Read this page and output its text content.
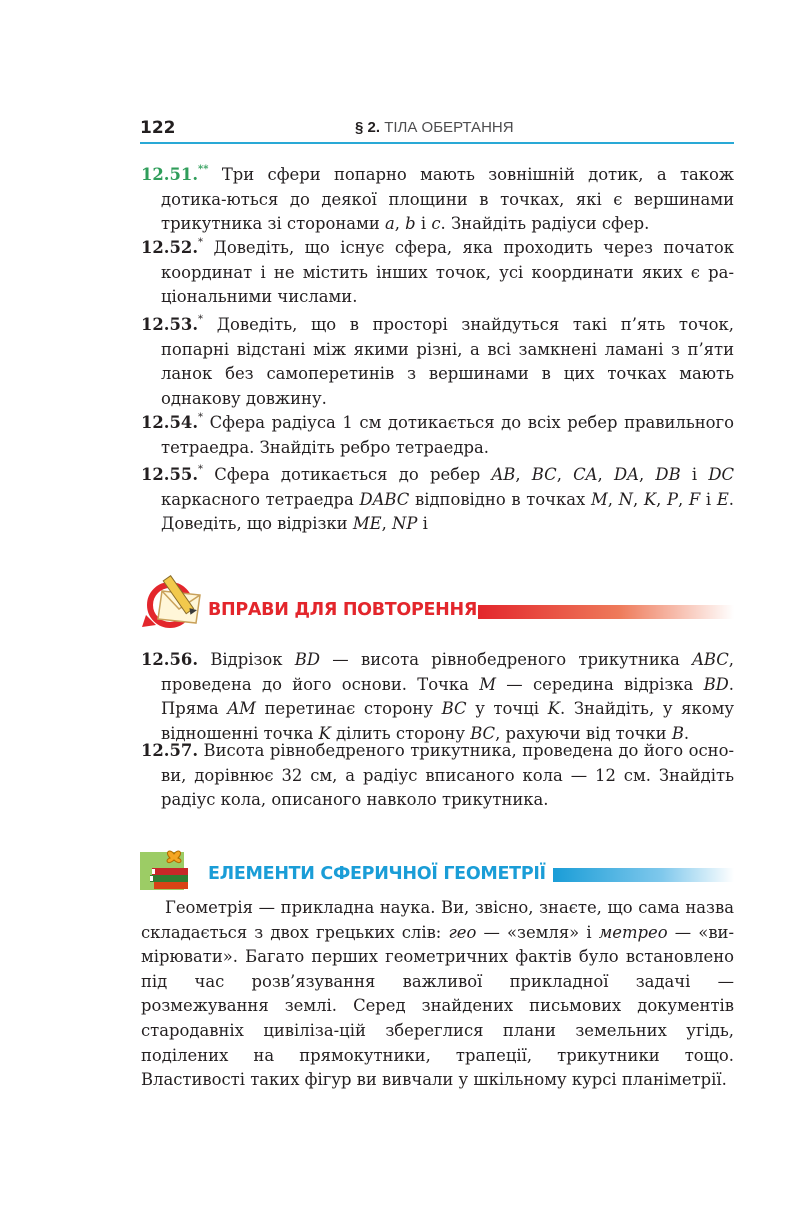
122	§ 2. ТІЛА ОБЕРТАННЯ

12.51.** Три сфери попарно мають зовнішній дотик, а також дотика-ються до деякої площини в точках, які є вершинами трикутника зі сторонами a, b і c. Знайдіть радіуси сфер.

12.52.* Доведіть, що існує сфера, яка проходить через початок координат і не містить інших точок, усі координати яких є ра-ціональними числами.

12.53.* Доведіть, що в просторі знайдуться такі п’ять точок, попарні відстані між якими різні, а всі замкнені ламані з п’яти ланок без самоперетинів з вершинами в цих точках мають однакову довжину.

12.54.* Сфера радіуса 1 см дотикається до всіх ребер правильного тетраедра. Знайдіть ребро тетраедра.

12.55.* Сфера дотикається до ребер AB, BC, CA, DA, DB і DC каркасного тетраедра DABC відповідно в точках M, N, K, P, F і E. Доведіть, що відрізки ME, NP і

ВПРАВИ ДЛЯ ПОВТОРЕННЯ

12.56. Відрізок BD — висота рівнобедреного трикутника ABC, проведена до його основи. Точка M — середина відрізка BD. Пряма AM перетинає сторону BC у точці K. Знайдіть, у якому відношенні точка K ділить сторону BC, рахуючи від точки B.

12.57. Висота рівнобедреного трикутника, проведена до його осно-ви, дорівнює 32 см, а радіус вписаного кола — 12 см. Знайдіть радіус кола, описаного навколо трикутника.

ЕЛЕМЕНТИ СФЕРИЧНОЇ ГЕОМЕТРІЇ

Геометрія — прикладна наука. Ви, звісно, знаєте, що сама назва складається з двох грецьких слів: гео — «земля» і метрео — «ви-мірювати». Багато перших геометричних фактів було встановлено під час розв’язування важливої прикладної задачі — розмежування землі. Серед знайдених письмових документів стародавніх цивіліза-цій збереглися плани земельних угідь, поділених на прямокутники, трапеції, трикутники тощо. Властивості таких фігур ви вивчали у шкільному курсі планіметрії.
